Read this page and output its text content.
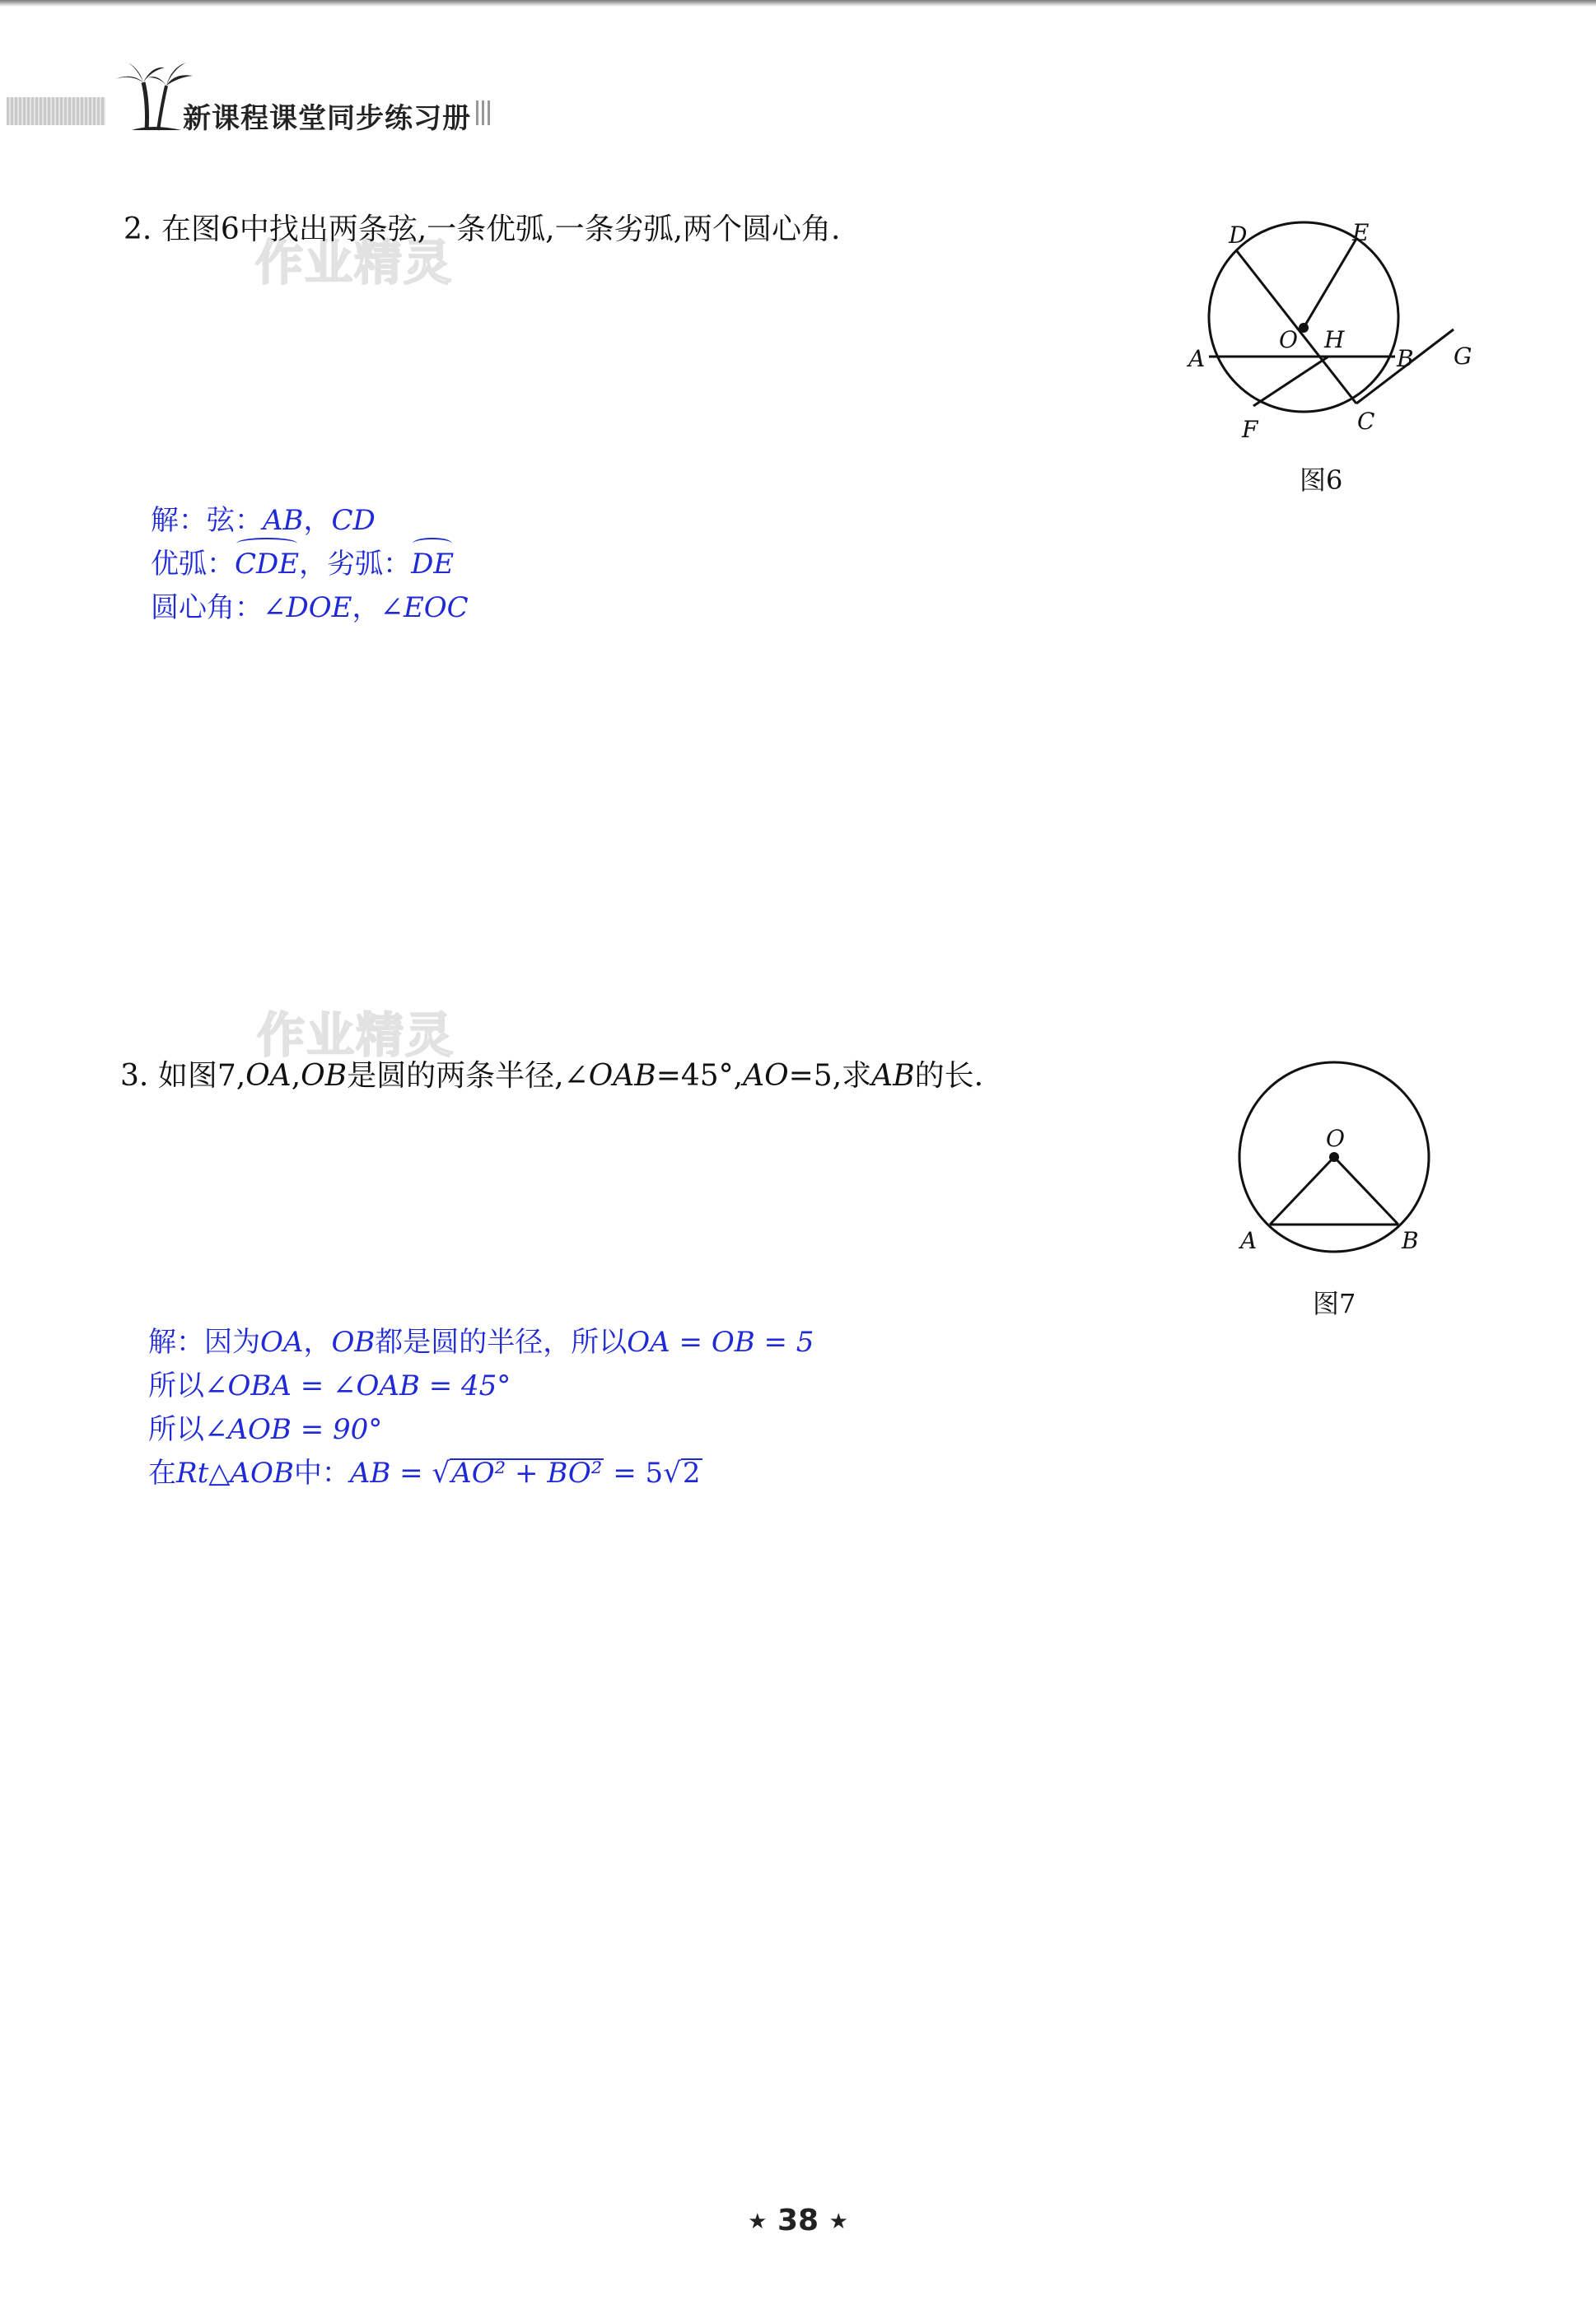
新课程课堂同步练习册
作业精灵
作业精灵
2. 在图6中找出两条弦,一条优弧,一条劣弧,两个圆心角.	D	E
O H
A	B G
F	C
图6
解：弦：AB，CD
优弧：CDE，劣弧：DE
圆心角：∠DOE，∠EOC
3. 如图7,OA,OB是圆的两条半径,∠OAB=45°,AO=5,求AB的长.
O
A	B
图7
解：因为OA，OB都是圆的半径，所以OA = OB = 5
所以∠OBA = ∠OAB = 45°
所以∠AOB = 90°
在Rt△AOB中：AB = √AO² + BO² = 5√2
★ 38 ★
